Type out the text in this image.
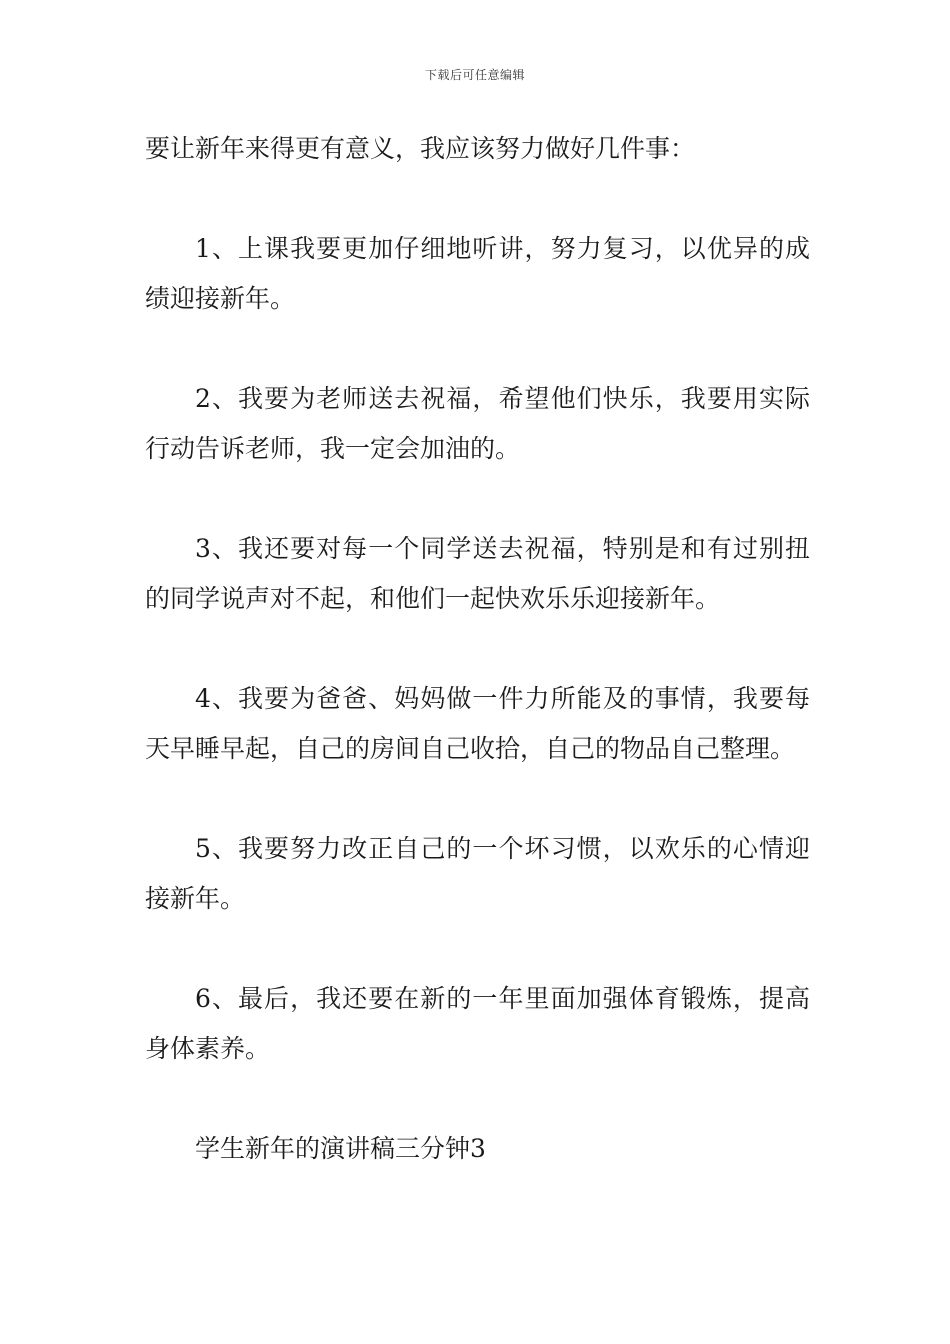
下载后可任意编辑

要让新年来得更有意义，我应该努力做好几件事：

1、上课我要更加仔细地听讲，努力复习，以优异的成绩迎接新年。

2、我要为老师送去祝福，希望他们快乐，我要用实际行动告诉老师，我一定会加油的。

3、我还要对每一个同学送去祝福，特别是和有过别扭的同学说声对不起，和他们一起快欢乐乐迎接新年。

4、我要为爸爸、妈妈做一件力所能及的事情，我要每天早睡早起，自己的房间自己收拾，自己的物品自己整理。

5、我要努力改正自己的一个坏习惯，以欢乐的心情迎接新年。

6、最后，我还要在新的一年里面加强体育锻炼，提高身体素养。

学生新年的演讲稿三分钟3
